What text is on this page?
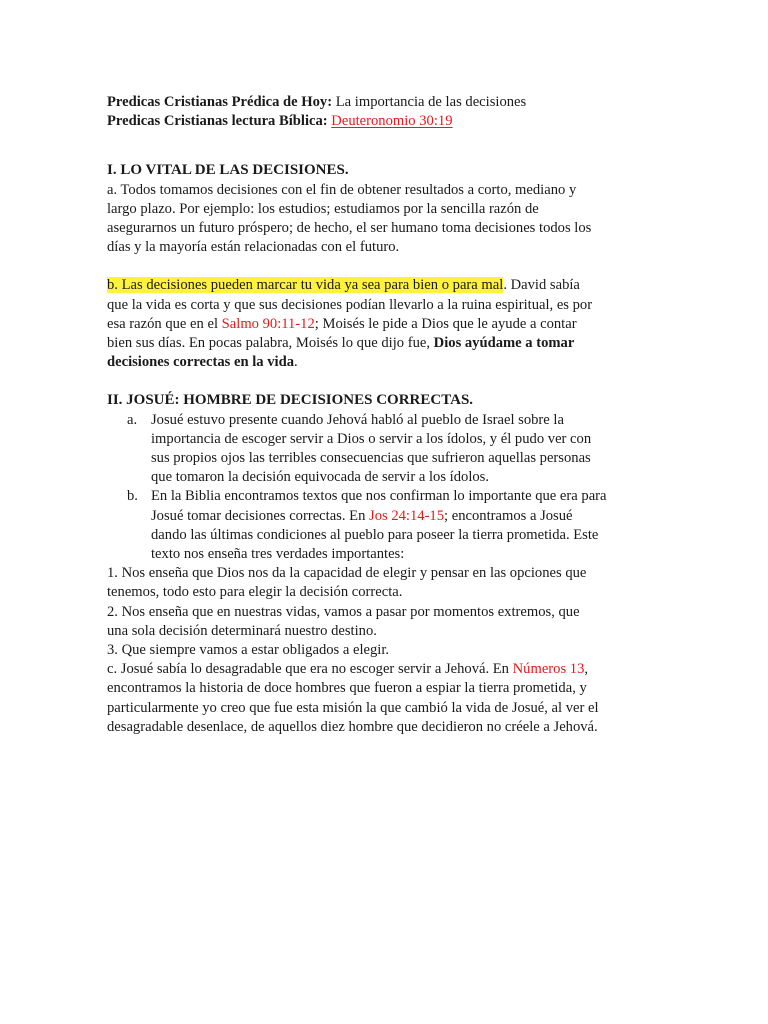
Predicas Cristianas Prédica de Hoy: La importancia de las decisiones
Predicas Cristianas lectura Bíblica: Deuteronomio 30:19
I. LO VITAL DE LAS DECISIONES.
a. Todos tomamos decisiones con el fin de obtener resultados a corto, mediano y
largo plazo. Por ejemplo: los estudios; estudiamos por la sencilla razón de
asegurarnos un futuro próspero; de hecho, el ser humano toma decisiones todos los
días y la mayoría están relacionadas con el futuro.
b. Las decisiones pueden marcar tu vida ya sea para bien o para mal. David sabía
que la vida es corta y que sus decisiones podían llevarlo a la ruina espiritual, es por
esa razón que en el Salmo 90:11-12; Moisés le pide a Dios que le ayude a contar
bien sus días. En pocas palabra, Moisés lo que dijo fue, Dios ayúdame a tomar
decisiones correctas en la vida.
II. JOSUÉ: HOMBRE DE DECISIONES CORRECTAS.
a. Josué estuvo presente cuando Jehová habló al pueblo de Israel sobre la
importancia de escoger servir a Dios o servir a los ídolos, y él pudo ver con
sus propios ojos las terribles consecuencias que sufrieron aquellas personas
que tomaron la decisión equivocada de servir a los ídolos.
b. En la Biblia encontramos textos que nos confirman lo importante que era para
Josué tomar decisiones correctas. En Jos 24:14-15; encontramos a Josué
dando las últimas condiciones al pueblo para poseer la tierra prometida. Este
texto nos enseña tres verdades importantes:
1. Nos enseña que Dios nos da la capacidad de elegir y pensar en las opciones que
tenemos, todo esto para elegir la decisión correcta.
2. Nos enseña que en nuestras vidas, vamos a pasar por momentos extremos, que
una sola decisión determinará nuestro destino.
3. Que siempre vamos a estar obligados a elegir.
c. Josué sabía lo desagradable que era no escoger servir a Jehová. En Números 13,
encontramos la historia de doce hombres que fueron a espiar la tierra prometida, y
particularmente yo creo que fue esta misión la que cambió la vida de Josué, al ver el
desagradable desenlace, de aquellos diez hombre que decidieron no créele a Jehová.
